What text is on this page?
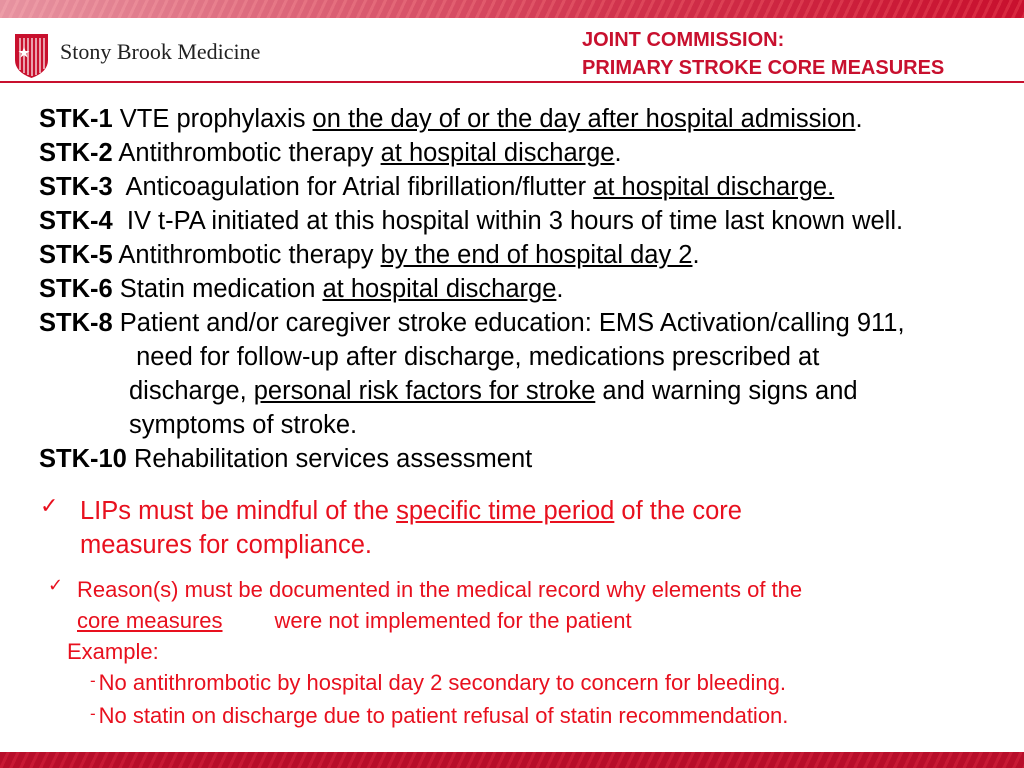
Stony Brook Medicine	JOINT COMMISSION:
PRIMARY STROKE CORE MEASURES
STK-1 VTE prophylaxis on the day of or the day after hospital admission.
STK-2 Antithrombotic therapy at hospital discharge.
STK-3 Anticoagulation for Atrial fibrillation/flutter at hospital discharge.
STK-4 IV t-PA initiated at this hospital within 3 hours of time last known well.
STK-5 Antithrombotic therapy by the end of hospital day 2.
STK-6 Statin medication at hospital discharge.
STK-8 Patient and/or caregiver stroke education: EMS Activation/calling 911,
need for follow-up after discharge, medications prescribed at
discharge, personal risk factors for stroke and warning signs and
symptoms of stroke.
STK-10 Rehabilitation services assessment
✓ LIPs must be mindful of the specific time period of the core
measures for compliance.
✓ Reason(s) must be documented in the medical record why elements of the
core measures were not implemented for the patient
Example:
- No antithrombotic by hospital day 2 secondary to concern for bleeding.
- No statin on discharge due to patient refusal of statin recommendation.
